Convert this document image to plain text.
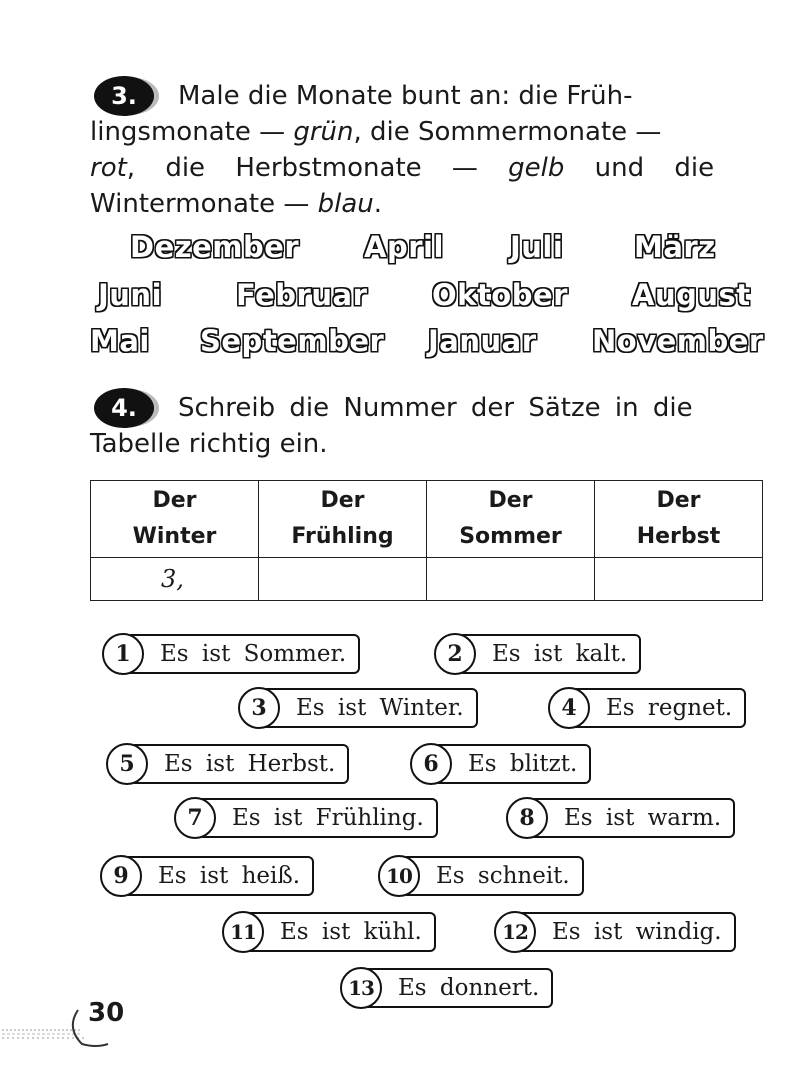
3.	Male die Monate bunt an: die Früh-
lingsmonate — grün, die Sommermonate —
rot, die Herbstmonate — gelb und die
Wintermonate — blau.

Dezember April Juli März
Juni	Februar Oktober August
Mai September Januar November
4.	Schreib die Nummer der Sätze in die
Tabelle richtig ein.

Der
Winter	Der
Frühling	Der
Sommer	Der
Herbst
3,			
1	Es ist Sommer.	2	Es ist kalt.
3	Es ist Winter.	4	Es regnet.
5	Es ist Herbst.	6	Es blitzt.
7	Es ist Frühling.	8	Es ist warm.
9	Es ist heiß.	10	Es schneit.
11	Es ist kühl.	12	Es ist windig.
13	Es donnert.
30
